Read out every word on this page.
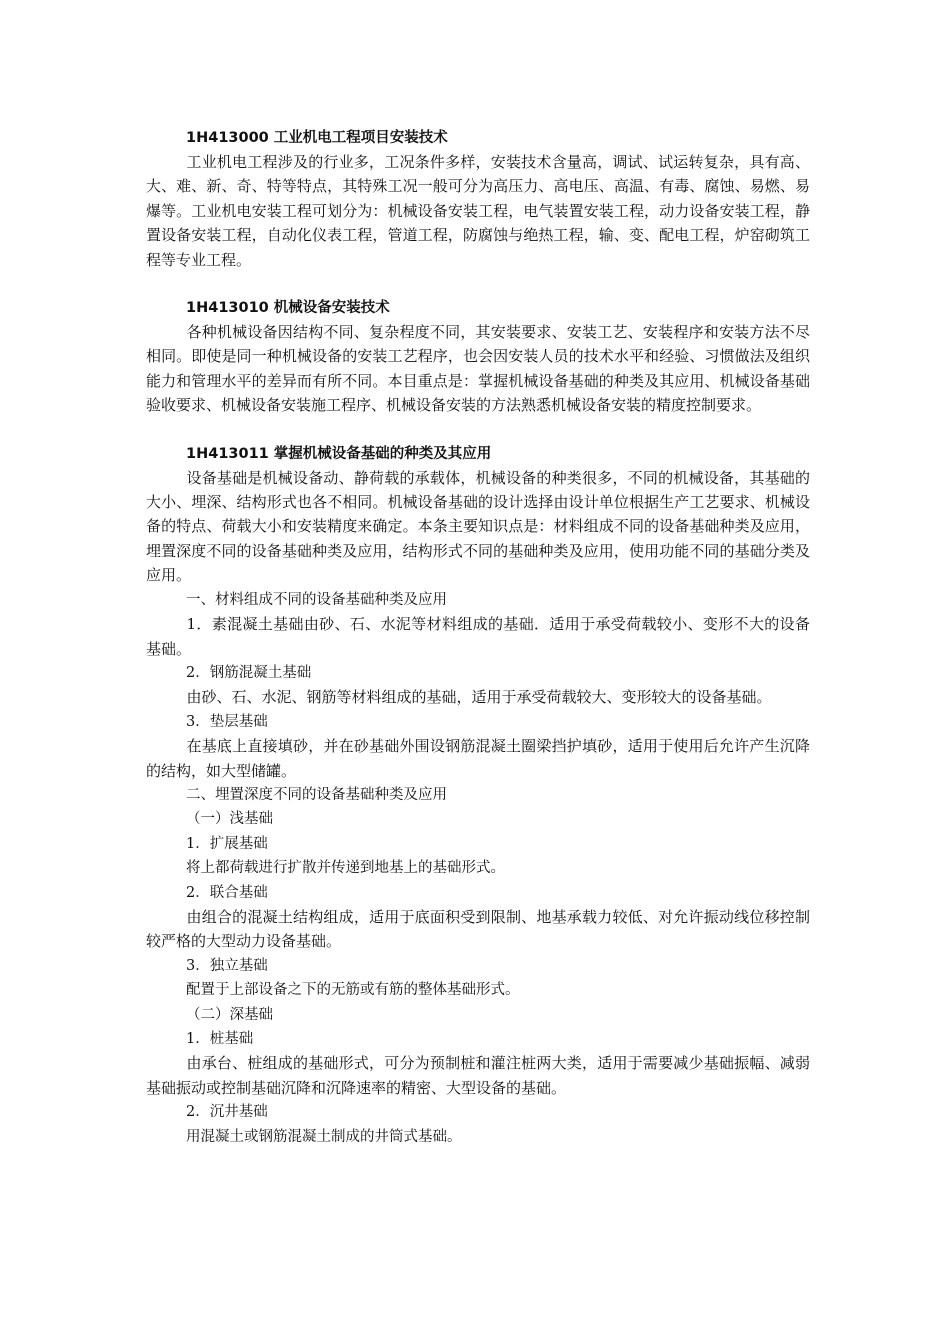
1H413000 工业机电工程项目安装技术

工业机电工程涉及的行业多，工况条件多样，安装技术含量高，调试、试运转复杂，具有高、大、难、新、奇、特等特点，其特殊工况一般可分为高压力、高电压、高温、有毒、腐蚀、易燃、易爆等。工业机电安装工程可划分为：机械设备安装工程，电气装置安装工程，动力设备安装工程，静置设备安装工程，自动化仪表工程，管道工程，防腐蚀与绝热工程，输、变、配电工程，炉窑砌筑工程等专业工程。

1H413010 机械设备安装技术

各种机械设备因结构不同、复杂程度不同，其安装要求、安装工艺、安装程序和安装方法不尽相同。即使是同一种机械设备的安装工艺程序，也会因安装人员的技术水平和经验、习惯做法及组织能力和管理水平的差异而有所不同。本目重点是：掌握机械设备基础的种类及其应用、机械设备基础验收要求、机械设备安装施工程序、机械设备安装的方法熟悉机械设备安装的精度控制要求。

1H413011 掌握机械设备基础的种类及其应用

设备基础是机械设备动、静荷载的承载体，机械设备的种类很多，不同的机械设备，其基础的大小、埋深、结构形式也各不相同。机械设备基础的设计选择由设计单位根据生产工艺要求、机械设备的特点、荷载大小和安装精度来确定。本条主要知识点是：材料组成不同的设备基础种类及应用，埋置深度不同的设备基础种类及应用，结构形式不同的基础种类及应用，使用功能不同的基础分类及应用。

一、材料组成不同的设备基础种类及应用

1．素混凝土基础由砂、石、水泥等材料组成的基础．适用于承受荷载较小、变形不大的设备基础。

2．钢筋混凝土基础

由砂、石、水泥、钢筋等材料组成的基础，适用于承受荷载较大、变形较大的设备基础。

3．垫层基础

在基底上直接填砂，并在砂基础外围设钢筋混凝土圈梁挡护填砂，适用于使用后允许产生沉降的结构，如大型储罐。

二、埋置深度不同的设备基础种类及应用

（一）浅基础

1．扩展基础

将上都荷载进行扩散并传递到地基上的基础形式。

2．联合基础

由组合的混凝土结构组成，适用于底面积受到限制、地基承载力较低、对允许振动线位移控制较严格的大型动力设备基础。

3．独立基础

配置于上部设备之下的无筋或有筋的整体基础形式。

（二）深基础

1．桩基础

由承台、桩组成的基础形式，可分为预制桩和灌注桩两大类，适用于需要减少基础振幅、减弱基础振动或控制基础沉降和沉降速率的精密、大型设备的基础。

2．沉井基础

用混凝土或钢筋混凝土制成的井筒式基础。
